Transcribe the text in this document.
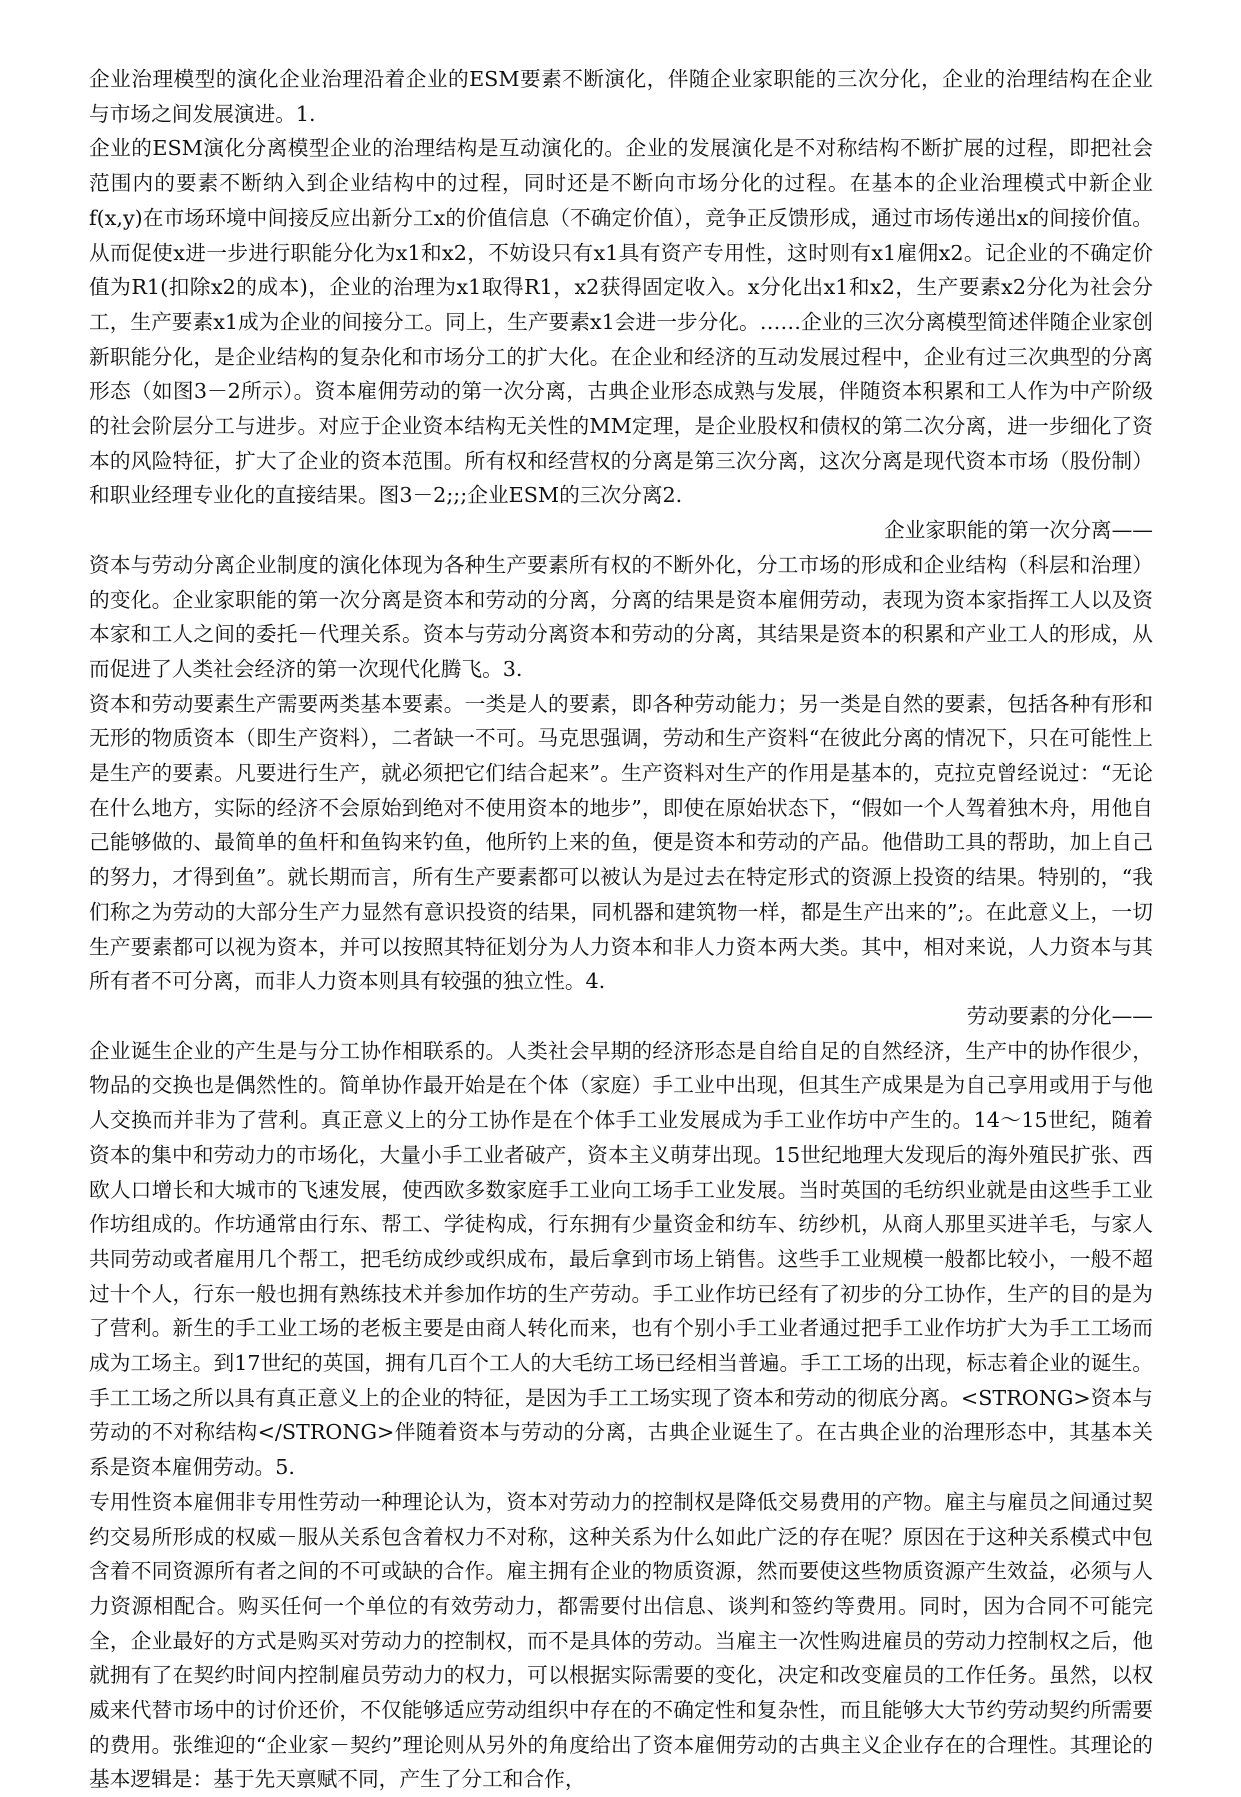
企业治理模型的演化企业治理沿着企业的ESM要素不断演化，伴随企业家职能的三次分化，企业的治理结构在企业与市场之间发展演进。1.

企业的ESM演化分离模型企业的治理结构是互动演化的。企业的发展演化是不对称结构不断扩展的过程，即把社会范围内的要素不断纳入到企业结构中的过程，同时还是不断向市场分化的过程。在基本的企业治理模式中新企业f(x,y)在市场环境中间接反应出新分工x的价值信息（不确定价值），竞争正反馈形成，通过市场传递出x的间接价值。从而促使x进一步进行职能分化为x1和x2，不妨设只有x1具有资产专用性，这时则有x1雇佣x2。记企业的不确定价值为R1(扣除x2的成本)，企业的治理为x1取得R1，x2获得固定收入。x分化出x1和x2，生产要素x2分化为社会分工，生产要素x1成为企业的间接分工。同上，生产要素x1会进一步分化。……企业的三次分离模型简述伴随企业家创新职能分化，是企业结构的复杂化和市场分工的扩大化。在企业和经济的互动发展过程中，企业有过三次典型的分离形态（如图3－2所示）。资本雇佣劳动的第一次分离，古典企业形态成熟与发展，伴随资本积累和工人作为中产阶级的社会阶层分工与进步。对应于企业资本结构无关性的MM定理，是企业股权和债权的第二次分离，进一步细化了资本的风险特征，扩大了企业的资本范围。所有权和经营权的分离是第三次分离，这次分离是现代资本市场（股份制）和职业经理专业化的直接结果。图3－2;;;企业ESM的三次分离2.

企业家职能的第一次分离——

资本与劳动分离企业制度的演化体现为各种生产要素所有权的不断外化，分工市场的形成和企业结构（科层和治理）的变化。企业家职能的第一次分离是资本和劳动的分离，分离的结果是资本雇佣劳动，表现为资本家指挥工人以及资本家和工人之间的委托－代理关系。资本与劳动分离资本和劳动的分离，其结果是资本的积累和产业工人的形成，从而促进了人类社会经济的第一次现代化腾飞。3.

资本和劳动要素生产需要两类基本要素。一类是人的要素，即各种劳动能力；另一类是自然的要素，包括各种有形和无形的物质资本（即生产资料），二者缺一不可。马克思强调，劳动和生产资料“在彼此分离的情况下，只在可能性上是生产的要素。凡要进行生产，就必须把它们结合起来”。生产资料对生产的作用是基本的，克拉克曾经说过：“无论在什么地方，实际的经济不会原始到绝对不使用资本的地步”，即使在原始状态下，“假如一个人驾着独木舟，用他自己能够做的、最简单的鱼杆和鱼钩来钓鱼，他所钓上来的鱼，便是资本和劳动的产品。他借助工具的帮助，加上自己的努力，才得到鱼”。就长期而言，所有生产要素都可以被认为是过去在特定形式的资源上投资的结果。特别的，“我们称之为劳动的大部分生产力显然有意识投资的结果，同机器和建筑物一样，都是生产出来的”;。在此意义上，一切生产要素都可以视为资本，并可以按照其特征划分为人力资本和非人力资本两大类。其中，相对来说，人力资本与其所有者不可分离，而非人力资本则具有较强的独立性。4.

劳动要素的分化——

企业诞生企业的产生是与分工协作相联系的。人类社会早期的经济形态是自给自足的自然经济，生产中的协作很少，物品的交换也是偶然性的。简单协作最开始是在个体（家庭）手工业中出现，但其生产成果是为自己享用或用于与他人交换而并非为了营利。真正意义上的分工协作是在个体手工业发展成为手工业作坊中产生的。14～15世纪，随着资本的集中和劳动力的市场化，大量小手工业者破产，资本主义萌芽出现。15世纪地理大发现后的海外殖民扩张、西欧人口增长和大城市的飞速发展，使西欧多数家庭手工业向工场手工业发展。当时英国的毛纺织业就是由这些手工业作坊组成的。作坊通常由行东、帮工、学徒构成，行东拥有少量资金和纺车、纺纱机，从商人那里买进羊毛，与家人共同劳动或者雇用几个帮工，把毛纺成纱或织成布，最后拿到市场上销售。这些手工业规模一般都比较小，一般不超过十个人，行东一般也拥有熟练技术并参加作坊的生产劳动。手工业作坊已经有了初步的分工协作，生产的目的是为了营利。新生的手工业工场的老板主要是由商人转化而来，也有个别小手工业者通过把手工业作坊扩大为手工工场而成为工场主。到17世纪的英国，拥有几百个工人的大毛纺工场已经相当普遍。手工工场的出现，标志着企业的诞生。手工工场之所以具有真正意义上的企业的特征，是因为手工工场实现了资本和劳动的彻底分离。<STRONG>资本与劳动的不对称结构</STRONG>伴随着资本与劳动的分离，古典企业诞生了。在古典企业的治理形态中，其基本关系是资本雇佣劳动。5.

专用性资本雇佣非专用性劳动一种理论认为，资本对劳动力的控制权是降低交易费用的产物。雇主与雇员之间通过契约交易所形成的权威－服从关系包含着权力不对称，这种关系为什么如此广泛的存在呢？原因在于这种关系模式中包含着不同资源所有者之间的不可或缺的合作。雇主拥有企业的物质资源，然而要使这些物质资源产生效益，必须与人力资源相配合。购买任何一个单位的有效劳动力，都需要付出信息、谈判和签约等费用。同时，因为合同不可能完全，企业最好的方式是购买对劳动力的控制权，而不是具体的劳动。当雇主一次性购进雇员的劳动力控制权之后，他就拥有了在契约时间内控制雇员劳动力的权力，可以根据实际需要的变化，决定和改变雇员的工作任务。虽然，以权威来代替市场中的讨价还价，不仅能够适应劳动组织中存在的不确定性和复杂性，而且能够大大节约劳动契约所需要的费用。张维迎的“企业家－契约”理论则从另外的角度给出了资本雇佣劳动的古典主义企业存在的合理性。其理论的基本逻辑是：基于先天禀赋不同，产生了分工和合作，
